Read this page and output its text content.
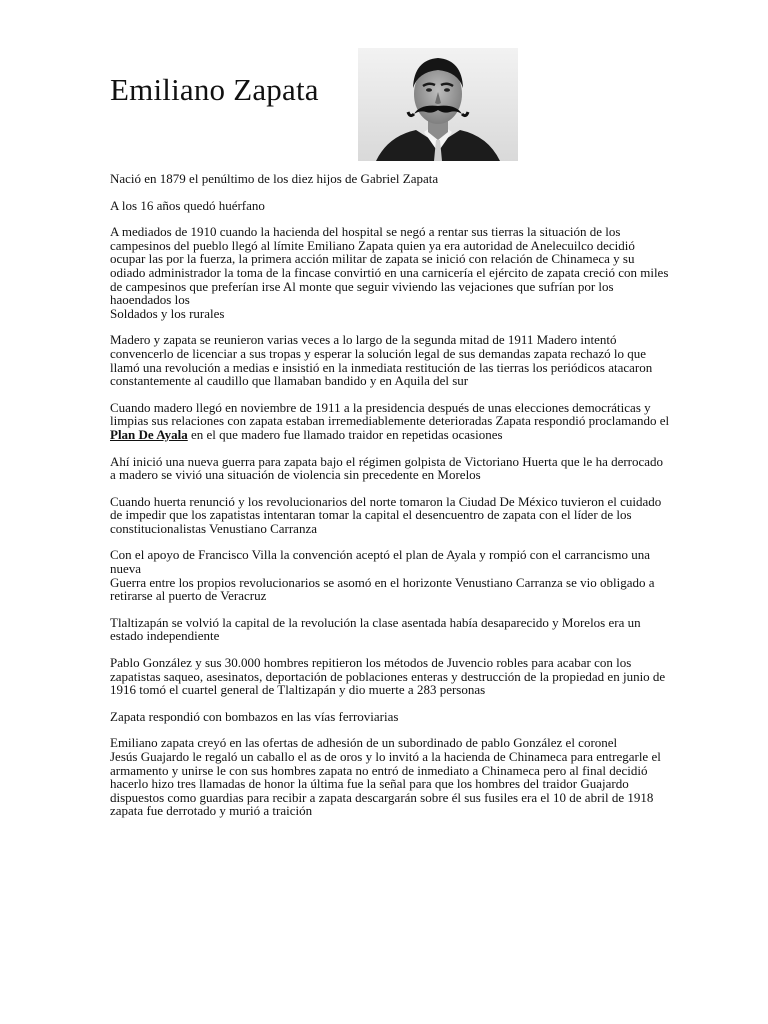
Emiliano Zapata

Nació en 1879 el penúltimo de los diez hijos de Gabriel Zapata

A los 16 años quedó huérfano

A mediados de 1910 cuando la hacienda del hospital se negó a rentar sus tierras la situación de los campesinos del pueblo llegó al límite Emiliano Zapata quien ya era autoridad de Anelecuilco decidió ocupar las por la fuerza, la primera acción militar de zapata se inició con relación de Chinameca y su odiado administrador la toma de la fincase convirtió en una carnicería el ejército de zapata creció con miles de campesinos que preferían irse Al monte que seguir viviendo las vejaciones que sufrían por los haoendados los

Soldados y los rurales

Madero y zapata se reunieron varias veces a lo largo de la segunda mitad de 1911 Madero intentó convencerlo de licenciar a sus tropas y esperar la solución legal de sus demandas zapata rechazó lo que llamó una revolución a medias e insistió en la inmediata restitución de las tierras los periódicos atacaron constantemente al caudillo que llamaban bandido y en Aquila del sur

Cuando madero llegó en noviembre de 1911 a la presidencia después de unas elecciones democráticas y limpias sus relaciones con zapata estaban irremediablemente deterioradas Zapata respondió proclamando el Plan De Ayala en el que madero fue llamado traidor en repetidas ocasiones

Ahí inició una nueva guerra para zapata bajo el régimen golpista de Victoriano Huerta que le ha derrocado a madero se vivió una situación de violencia sin precedente en Morelos

Cuando huerta renunció y los revolucionarios del norte tomaron la Ciudad De México tuvieron el cuidado de impedir que los zapatistas intentaran tomar la capital el desencuentro de zapata con el líder de los constitucionalistas Venustiano Carranza

Con el apoyo de Francisco Villa la convención aceptó el plan de Ayala y rompió con el carrancismo una nueva

Guerra entre los propios revolucionarios se asomó en el horizonte Venustiano Carranza se vio obligado a retirarse al puerto de Veracruz

Tlaltizapán se volvió la capital de la revolución la clase asentada había desaparecido y Morelos era un estado independiente

Pablo González y sus 30.000 hombres repitieron los métodos de Juvencio robles para acabar con los zapatistas saqueo, asesinatos, deportación de poblaciones enteras y destrucción de la propiedad en junio de 1916 tomó el cuartel general de Tlaltizapán y dio muerte a 283 personas

Zapata respondió con bombazos en las vías ferroviarias

Emiliano zapata creyó en las ofertas de adhesión de un subordinado de pablo González el coronel

Jesús Guajardo le regaló un caballo el as de oros y lo invitó a la hacienda de Chinameca para entregarle el armamento y unirse le con sus hombres zapata no entró de inmediato a Chinameca pero al final decidió hacerlo hizo tres llamadas de honor la última fue la señal para que los hombres del traidor Guajardo dispuestos como guardias para recibir a zapata descargarán sobre él sus fusiles era el 10 de abril de 1918 zapata fue derrotado y murió a traición
